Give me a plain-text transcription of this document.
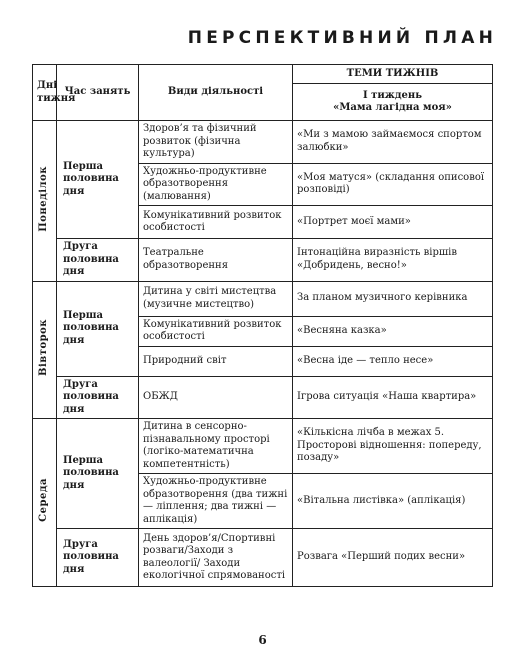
ПЕРСПЕКТИВНИЙ ПЛАН
Дні тижня	Час занять	Види діяльності	ТЕМИ ТИЖНІВ

			І тиждень
«Мама лагідна моя»

Понеділок	Перша половина дня	Здоров’я та фізичний розвиток (фізична культура)	«Ми з мамою займаємося спортом залюбки»
		Художньо-продуктивне образотворення (малювання)	«Моя матуся» (складання описової розповіді)
		Комунікативний розвиток особистості	«Портрет моєї мами»

	Друга половина дня	Театральне образотворення	Інтонаційна виразність віршів «Добридень, весно!»
Вівторок	Перша половина дня	Дитина у світі мистецтва (музичне мистецтво)	За планом музичного керівника
		Комунікативний розвиток особистості	«Весняна казка»
		Природний світ	«Весна іде — тепло несе»

	Друга половина дня	ОБЖД	Ігрова ситуація «Наша квартира»
Середа	Перша половина дня	Дитина в сенсорно-пізнавальному просторі (логіко-математична компетентність)	«Кількісна лічба в межах 5. Просторові відношення: попереду, позаду»
		Художньо-продуктивне образотворення (два тижні — ліплення; два тижні — аплікація)	«Вітальна листівка» (аплікація)

	Друга половина дня	День здоров’я/Спортивні розваги/Заходи з валеології/ Заходи екологічної спрямованості	Розвага «Перший подих весни»
6
